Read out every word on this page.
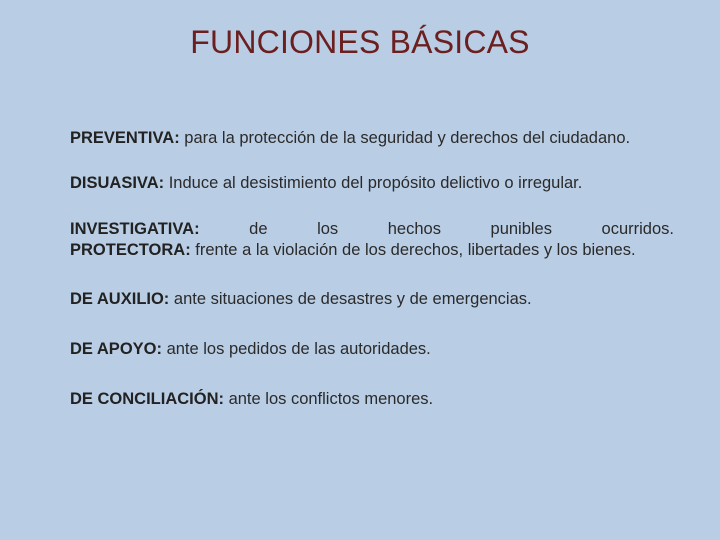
FUNCIONES BÁSICAS

PREVENTIVA: para la protección de la seguridad y derechos del ciudadano.

DISUASIVA: Induce al desistimiento del propósito delictivo o irregular.

INVESTIGATIVA: de los hechos punibles ocurridos. PROTECTORA: frente a la violación de los derechos, libertades y los bienes.

DE AUXILIO: ante situaciones de desastres y de emergencias.

DE APOYO: ante los pedidos de las autoridades.

DE CONCILIACIÓN: ante los conflictos menores.
